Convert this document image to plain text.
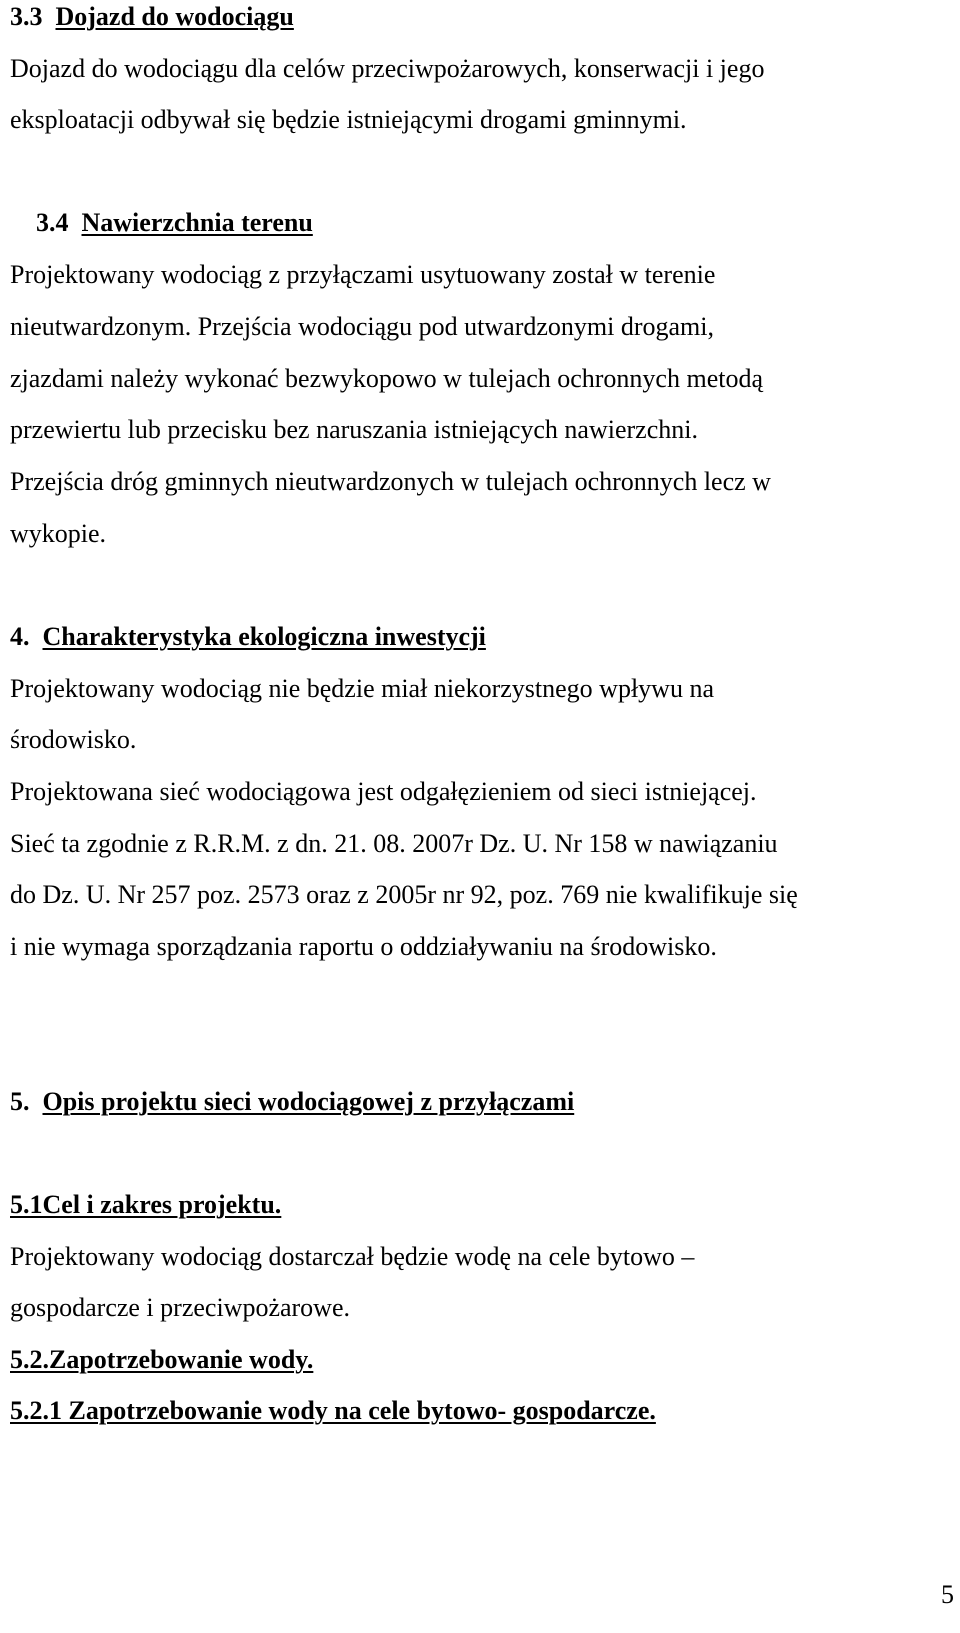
3.3 Dojazd do wodociągu

Dojazd do wodociągu dla celów przeciwpożarowych, konserwacji i jego

eksploatacji odbywał się będzie istniejącymi drogami gminnymi.

3.4 Nawierzchnia terenu

Projektowany wodociąg z przyłączami usytuowany został w terenie

nieutwardzonym. Przejścia wodociągu pod utwardzonymi drogami,

zjazdami należy wykonać bezwykopowo w tulejach ochronnych metodą

przewiertu lub przecisku bez naruszania istniejących nawierzchni.

Przejścia dróg gminnych nieutwardzonych w tulejach ochronnych lecz w

wykopie.

4. Charakterystyka ekologiczna inwestycji

Projektowany wodociąg nie będzie miał niekorzystnego wpływu na

środowisko.

Projektowana sieć wodociągowa jest odgałęzieniem od sieci istniejącej.

Sieć ta zgodnie z R.R.M. z dn. 21. 08. 2007r Dz. U. Nr 158 w nawiązaniu

do Dz. U. Nr 257 poz. 2573 oraz z 2005r nr 92, poz. 769 nie kwalifikuje się

i nie wymaga sporządzania raportu o oddziaływaniu na środowisko.

5. Opis projektu sieci wodociągowej z przyłączami
5.1Cel i zakres projektu.

Projektowany wodociąg dostarczał będzie wodę na cele bytowo –

gospodarcze i przeciwpożarowe.

5.2.Zapotrzebowanie wody.
5.2.1 Zapotrzebowanie wody na cele bytowo- gospodarcze.
5
